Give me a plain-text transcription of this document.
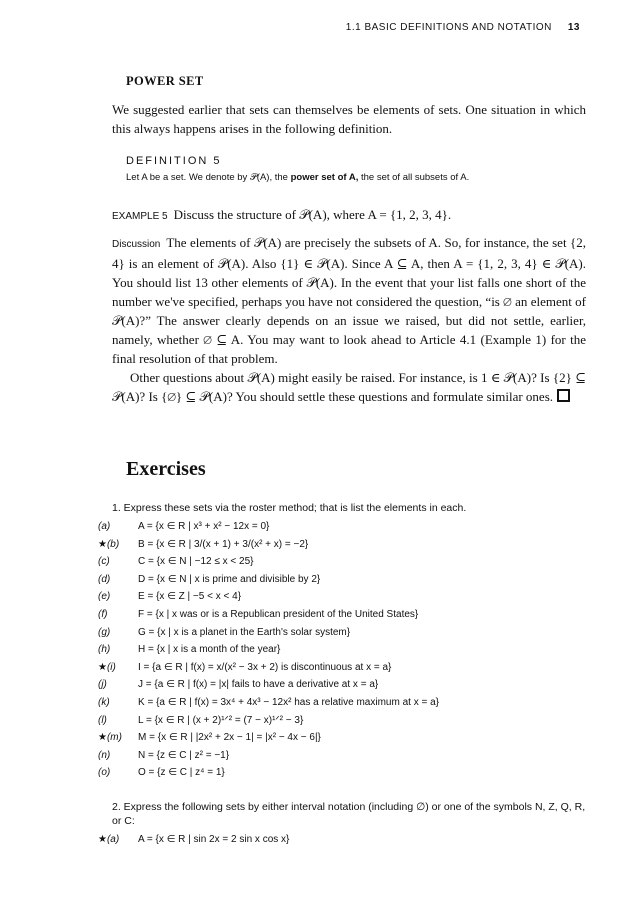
1.1 BASIC DEFINITIONS AND NOTATION 13
POWER SET

We suggested earlier that sets can themselves be elements of sets. One situation in which this always happens arises in the following definition.

DEFINITION 5
Let A be a set. We denote by 𝒫(A), the power set of A, the set of all subsets of A.

EXAMPLE 5 Discuss the structure of 𝒫(A), where A = {1, 2, 3, 4}.

Discussion The elements of 𝒫(A) are precisely the subsets of A. So, for instance, the set {2, 4} is an element of 𝒫(A). Also {1} ∈ 𝒫(A). Since A ⊆ A, then A = {1, 2, 3, 4} ∈ 𝒫(A). You should list 13 other elements of 𝒫(A). In the event that your list falls one short of the number we've specified, perhaps you have not considered the question, “is ∅ an element of 𝒫(A)?” The answer clearly depends on an issue we raised, but did not settle, earlier, namely, whether ∅ ⊆ A. You may want to look ahead to Article 4.1 (Example 1) for the final resolution of that problem.

Other questions about 𝒫(A) might easily be raised. For instance, is 1 ∈ 𝒫(A)? Is {2} ⊆ 𝒫(A)? Is {∅} ⊆ 𝒫(A)? You should settle these questions and formulate similar ones.

Exercises
1. Express these sets via the roster method; that is list the elements in each.
(a)	A = {x ∈ R | x³ + x² − 12x = 0}
★(b)	B = {x ∈ R | 3/(x + 1) + 3/(x² + x) = −2}
(c)	C = {x ∈ N | −12 ≤ x < 25}
(d)	D = {x ∈ N | x is prime and divisible by 2}
(e)	E = {x ∈ Z | −5 < x < 4}
(f)	F = {x | x was or is a Republican president of the United States}
(g)	G = {x | x is a planet in the Earth's solar system}
(h)	H = {x | x is a month of the year}
★(i)	I = {a ∈ R | f(x) = x/(x² − 3x + 2) is discontinuous at x = a}
(j)	J = {a ∈ R | f(x) = |x| fails to have a derivative at x = a}
(k)	K = {a ∈ R | f(x) = 3x⁴ + 4x³ − 12x² has a relative maximum at x = a}
(l)	L = {x ∈ R | (x + 2)¹ᐟ² = (7 − x)¹ᐟ² − 3}
★(m)	M = {x ∈ R | |2x² + 2x − 1| = |x² − 4x − 6|}
(n)	N = {z ∈ C | z² = −1}
(o)	O = {z ∈ C | z⁴ = 1}
2. Express the following sets by either interval notation (including ∅) or one of the symbols N, Z, Q, R, or C:
★(a)	A = {x ∈ R | sin 2x = 2 sin x cos x}
